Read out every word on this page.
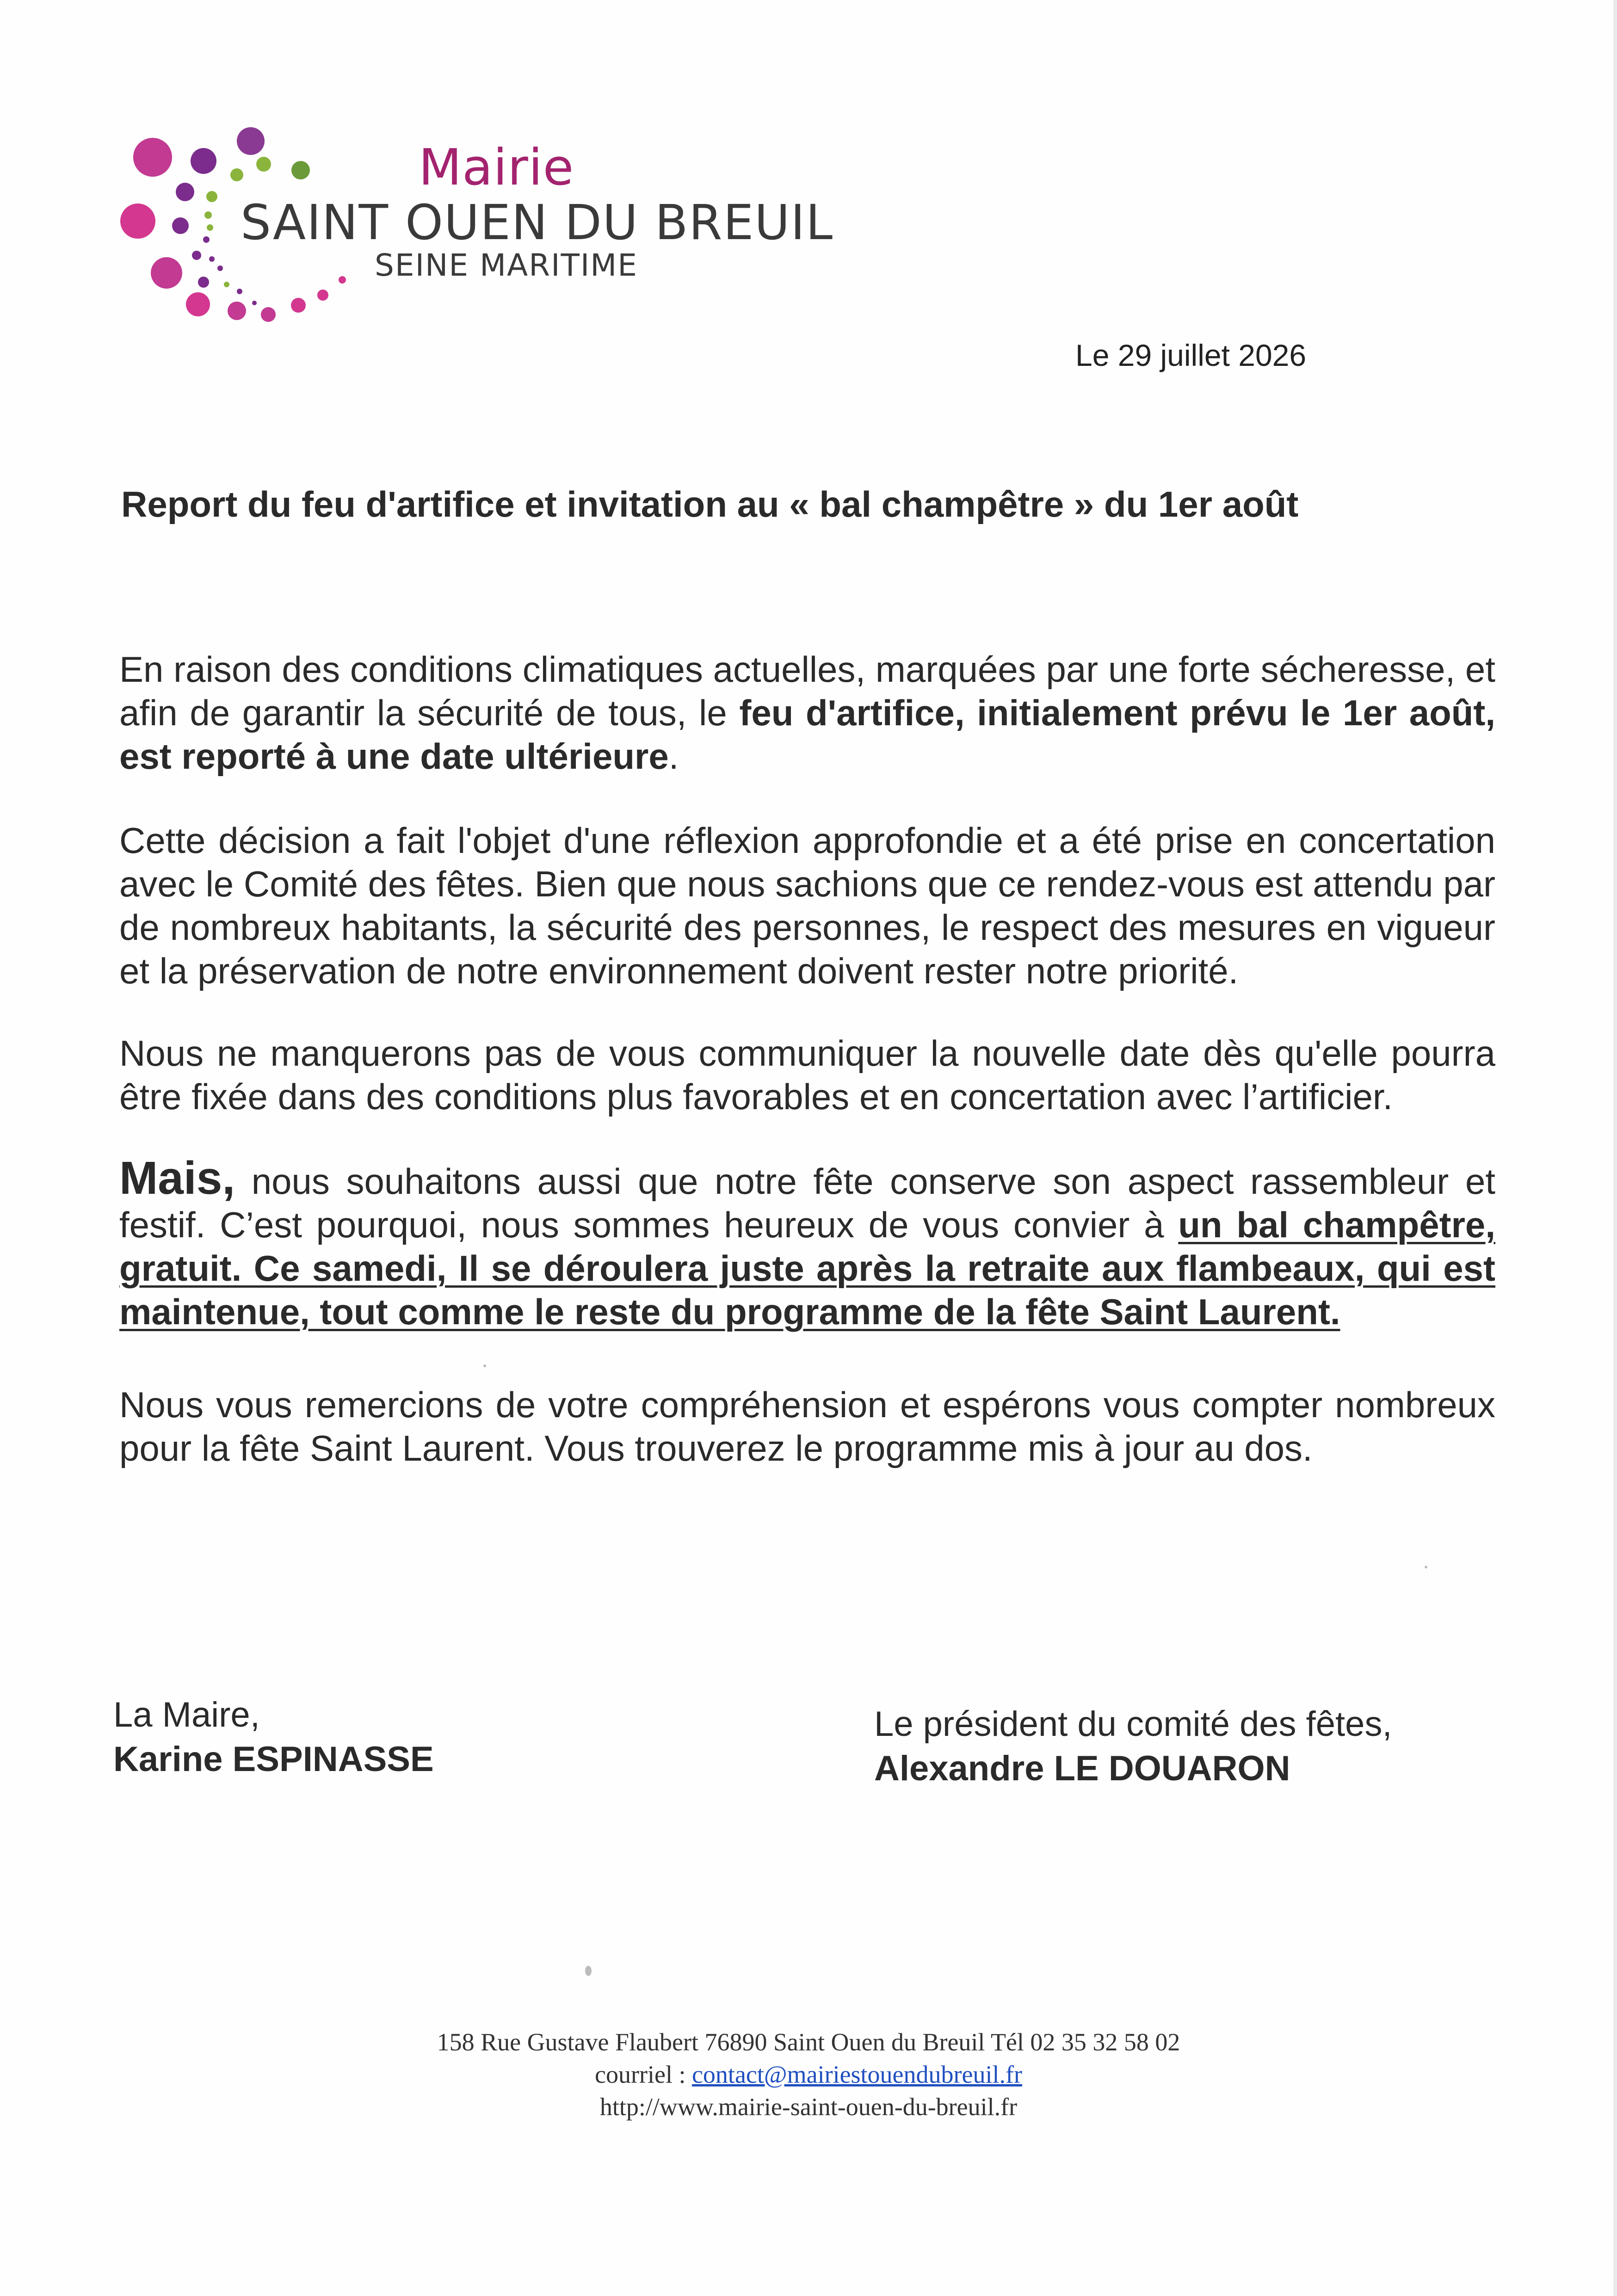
Mairie
SAINT OUEN DU BREUIL
SEINE MARITIME
Le 29 juillet 2026
Report du feu d'artifice et invitation au « bal champêtre » du 1er août
En raison des conditions climatiques actuelles, marquées par une forte sécheresse, et afin de garantir la sécurité de tous, le feu d'artifice, initialement prévu le 1er août, est reporté à une date ultérieure.
Cette décision a fait l'objet d'une réflexion approfondie et a été prise en concertation avec le Comité des fêtes. Bien que nous sachions que ce rendez-vous est attendu par de nombreux habitants, la sécurité des personnes, le respect des mesures en vigueur et la préservation de notre environnement doivent rester notre priorité.
Nous ne manquerons pas de vous communiquer la nouvelle date dès qu'elle pourra être fixée dans des conditions plus favorables et en concertation avec l’artificier.
Mais, nous souhaitons aussi que notre fête conserve son aspect rassembleur et festif. C’est pourquoi, nous sommes heureux de vous convier à un bal champêtre, gratuit. Ce samedi, Il se déroulera juste après la retraite aux flambeaux, qui est maintenue, tout comme le reste du programme de la fête Saint Laurent.
Nous vous remercions de votre compréhension et espérons vous compter nombreux pour la fête Saint Laurent. Vous trouverez le programme mis à jour au dos.
La Maire,
Karine ESPINASSE
Le président du comité des fêtes,
Alexandre LE DOUARON
158 Rue Gustave Flaubert 76890 Saint Ouen du Breuil Tél 02 35 32 58 02
courriel : contact@mairiestouendubreuil.fr
http://www.mairie-saint-ouen-du-breuil.fr
